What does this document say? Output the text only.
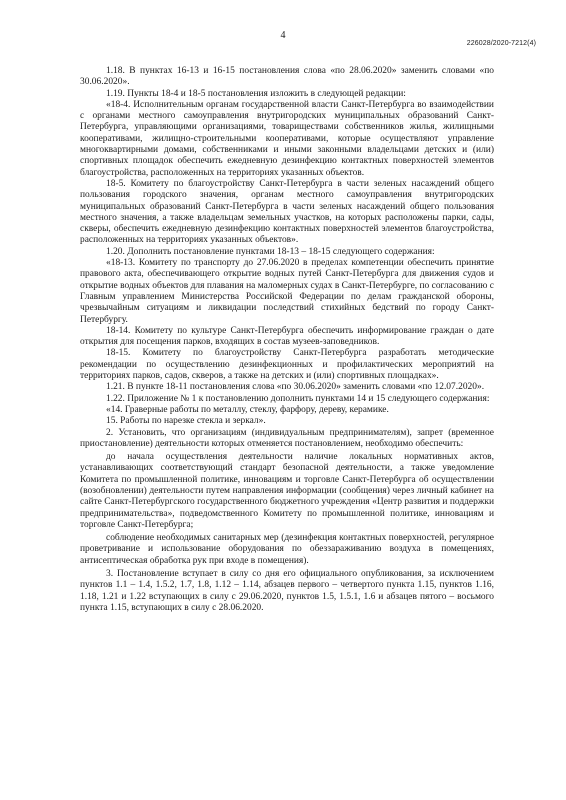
4
226028/2020-7212(4)

1.18. В пунктах 16-13 и 16-15 постановления слова «по 28.06.2020» заменить словами «по 30.06.2020».

1.19. Пункты 18-4 и 18-5 постановления изложить в следующей редакции:

«18-4. Исполнительным органам государственной власти Санкт-Петербурга во взаимодействии с органами местного самоуправления внутригородских муниципальных образований Санкт-Петербурга, управляющими организациями, товариществами собственников жилья, жилищными кооперативами, жилищно-строительными кооперативами, которые осуществляют управление многоквартирными домами, собственниками и иными законными владельцами детских и (или) спортивных площадок обеспечить ежедневную дезинфекцию контактных поверхностей элементов благоустройства, расположенных на территориях указанных объектов.

18-5. Комитету по благоустройству Санкт-Петербурга в части зеленых насаждений общего пользования городского значения, органам местного самоуправления внутригородских муниципальных образований Санкт-Петербурга в части зеленых насаждений общего пользования местного значения, а также владельцам земельных участков, на которых расположены парки, сады, скверы, обеспечить ежедневную дезинфекцию контактных поверхностей элементов благоустройства, расположенных на территориях указанных объектов».

1.20. Дополнить постановление пунктами 18-13 – 18-15 следующего содержания:

«18-13. Комитету по транспорту до 27.06.2020 в пределах компетенции обеспечить принятие правового акта, обеспечивающего открытие водных путей Санкт-Петербурга для движения судов и открытие водных объектов для плавания на маломерных судах в Санкт-Петербурге, по согласованию с Главным управлением Министерства Российской Федерации по делам гражданской обороны, чрезвычайным ситуациям и ликвидации последствий стихийных бедствий по городу Санкт-Петербургу.

18-14. Комитету по культуре Санкт-Петербурга обеспечить информирование граждан о дате открытия для посещения парков, входящих в состав музеев-заповедников.

18-15. Комитету по благоустройству Санкт-Петербурга разработать методические рекомендации по осуществлению дезинфекционных и профилактических мероприятий на территориях парков, садов, скверов, а также на детских и (или) спортивных площадках».

1.21. В пункте 18-11 постановления слова «по 30.06.2020» заменить словами «по 12.07.2020».

1.22. Приложение № 1 к постановлению дополнить пунктами 14 и 15 следующего содержания:

«14. Граверные работы по металлу, стеклу, фарфору, дереву, керамике.

15. Работы по нарезке стекла и зеркал».

2. Установить, что организациям (индивидуальным предпринимателям), запрет (временное приостановление) деятельности которых отменяется постановлением, необходимо обеспечить:

до начала осуществления деятельности наличие локальных нормативных актов, устанавливающих соответствующий стандарт безопасной деятельности, а также уведомление Комитета по промышленной политике, инновациям и торговле Санкт-Петербурга об осуществлении (возобновлении) деятельности путем направления информации (сообщения) через личный кабинет на сайте Санкт-Петербургского государственного бюджетного учреждения «Центр развития и поддержки предпринимательства», подведомственного Комитету по промышленной политике, инновациям и торговле Санкт-Петербурга;

соблюдение необходимых санитарных мер (дезинфекция контактных поверхностей, регулярное проветривание и использование оборудования по обеззараживанию воздуха в помещениях, антисептическая обработка рук при входе в помещения).

3. Постановление вступает в силу со дня его официального опубликования, за исключением пунктов 1.1 – 1.4, 1.5.2, 1.7, 1.8, 1.12 – 1.14, абзацев первого – четвертого пункта 1.15, пунктов 1.16, 1.18, 1.21 и 1.22 вступающих в силу с 29.06.2020, пунктов 1.5, 1.5.1, 1.6 и абзацев пятого – восьмого пункта 1.15, вступающих в силу с 28.06.2020.
